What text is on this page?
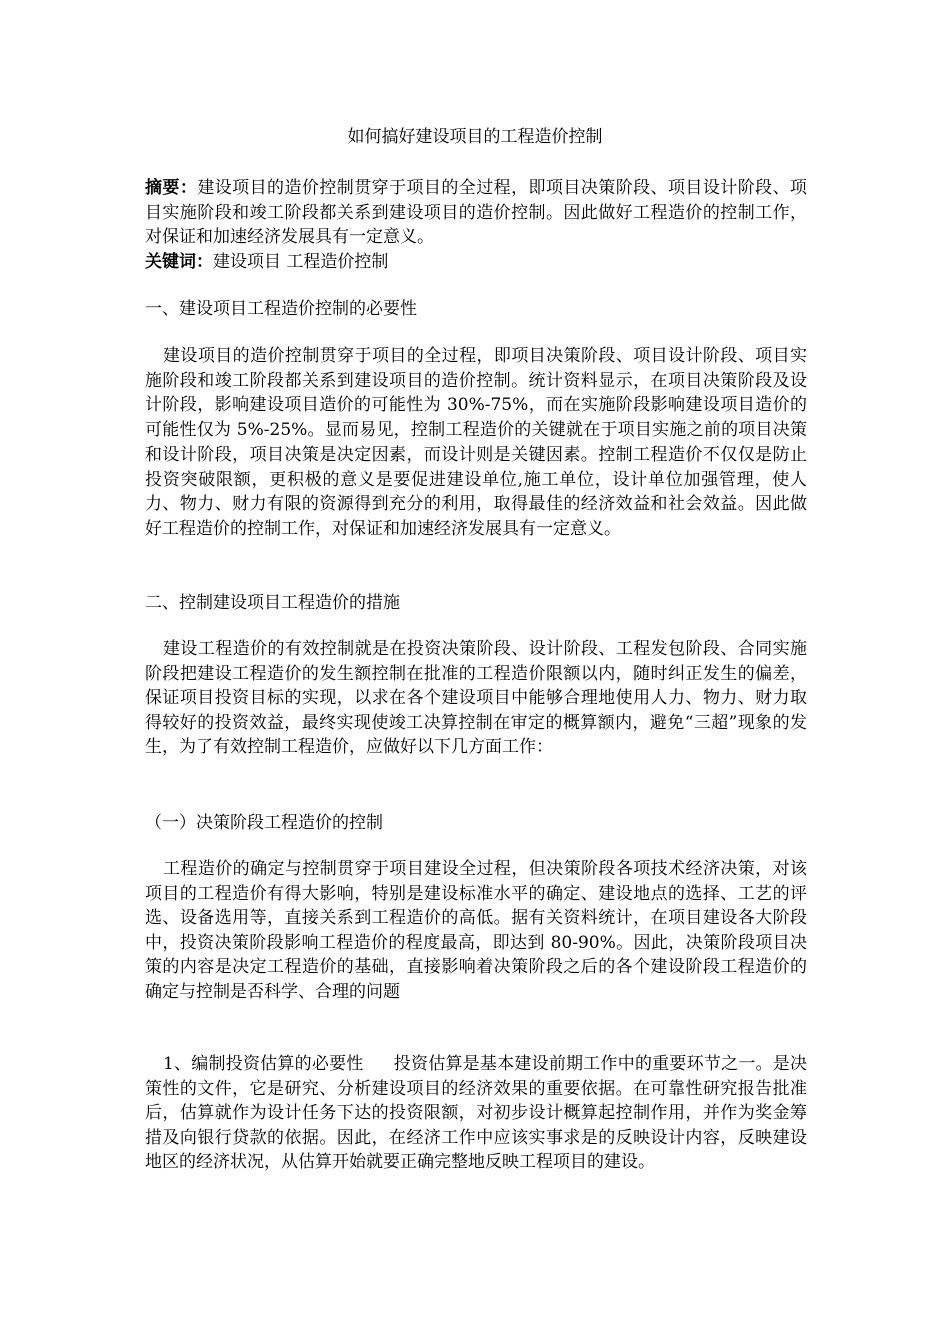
如何搞好建设项目的工程造价控制
摘要：建设项目的造价控制贯穿于项目的全过程，即项目决策阶段、项目设计阶段、项目实施阶段和竣工阶段都关系到建设项目的造价控制。因此做好工程造价的控制工作，对保证和加速经济发展具有一定意义。
关键词：建设项目 工程造价控制
一、建设项目工程造价控制的必要性
建设项目的造价控制贯穿于项目的全过程，即项目决策阶段、项目设计阶段、项目实施阶段和竣工阶段都关系到建设项目的造价控制。统计资料显示，在项目决策阶段及设计阶段，影响建设项目造价的可能性为 30%-75%，而在实施阶段影响建设项目造价的可能性仅为 5%-25%。显而易见，控制工程造价的关键就在于项目实施之前的项目决策和设计阶段，项目决策是决定因素，而设计则是关键因素。控制工程造价不仅仅是防止投资突破限额，更积极的意义是要促进建设单位,施工单位，设计单位加强管理，使人力、物力、财力有限的资源得到充分的利用，取得最佳的经济效益和社会效益。因此做好工程造价的控制工作，对保证和加速经济发展具有一定意义。
二、控制建设项目工程造价的措施
建设工程造价的有效控制就是在投资决策阶段、设计阶段、工程发包阶段、合同实施阶段把建设工程造价的发生额控制在批准的工程造价限额以内，随时纠正发生的偏差，保证项目投资目标的实现，以求在各个建设项目中能够合理地使用人力、物力、财力取得较好的投资效益，最终实现使竣工决算控制在审定的概算额内，避免“三超”现象的发生，为了有效控制工程造价，应做好以下几方面工作：
（一）决策阶段工程造价的控制
工程造价的确定与控制贯穿于项目建设全过程，但决策阶段各项技术经济决策，对该项目的工程造价有得大影响，特别是建设标准水平的确定、建设地点的选择、工艺的评选、设备选用等，直接关系到工程造价的高低。据有关资料统计，在项目建设各大阶段中，投资决策阶段影响工程造价的程度最高，即达到 80-90%。因此，决策阶段项目决策的内容是决定工程造价的基础，直接影响着决策阶段之后的各个建设阶段工程造价的确定与控制是否科学、合理的问题
1、编制投资估算的必要性 投资估算是基本建设前期工作中的重要环节之一。是决策性的文件，它是研究、分析建设项目的经济效果的重要依据。在可靠性研究报告批准后，估算就作为设计任务下达的投资限额，对初步设计概算起控制作用，并作为奖金筹措及向银行贷款的依据。因此，在经济工作中应该实事求是的反映设计内容，反映建设地区的经济状况，从估算开始就要正确完整地反映工程项目的建设。
